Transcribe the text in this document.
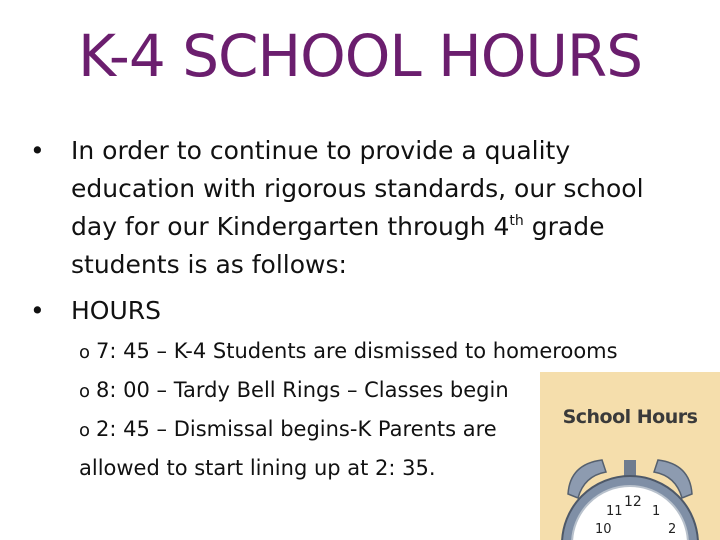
K-4 SCHOOL HOURS
• In order to continue to provide a quality
education with rigorous standards, our school
day for our Kindergarten through 4th grade
students is as follows:
• HOURS
o 7: 45 – K-4 Students are dismissed to homerooms
o 8: 00 – Tardy Bell Rings – Classes begin
o 2: 45 – Dismissal begins-K Parents are
allowed to start lining up at 2: 35.
12
11 1
10	2
School Hours
